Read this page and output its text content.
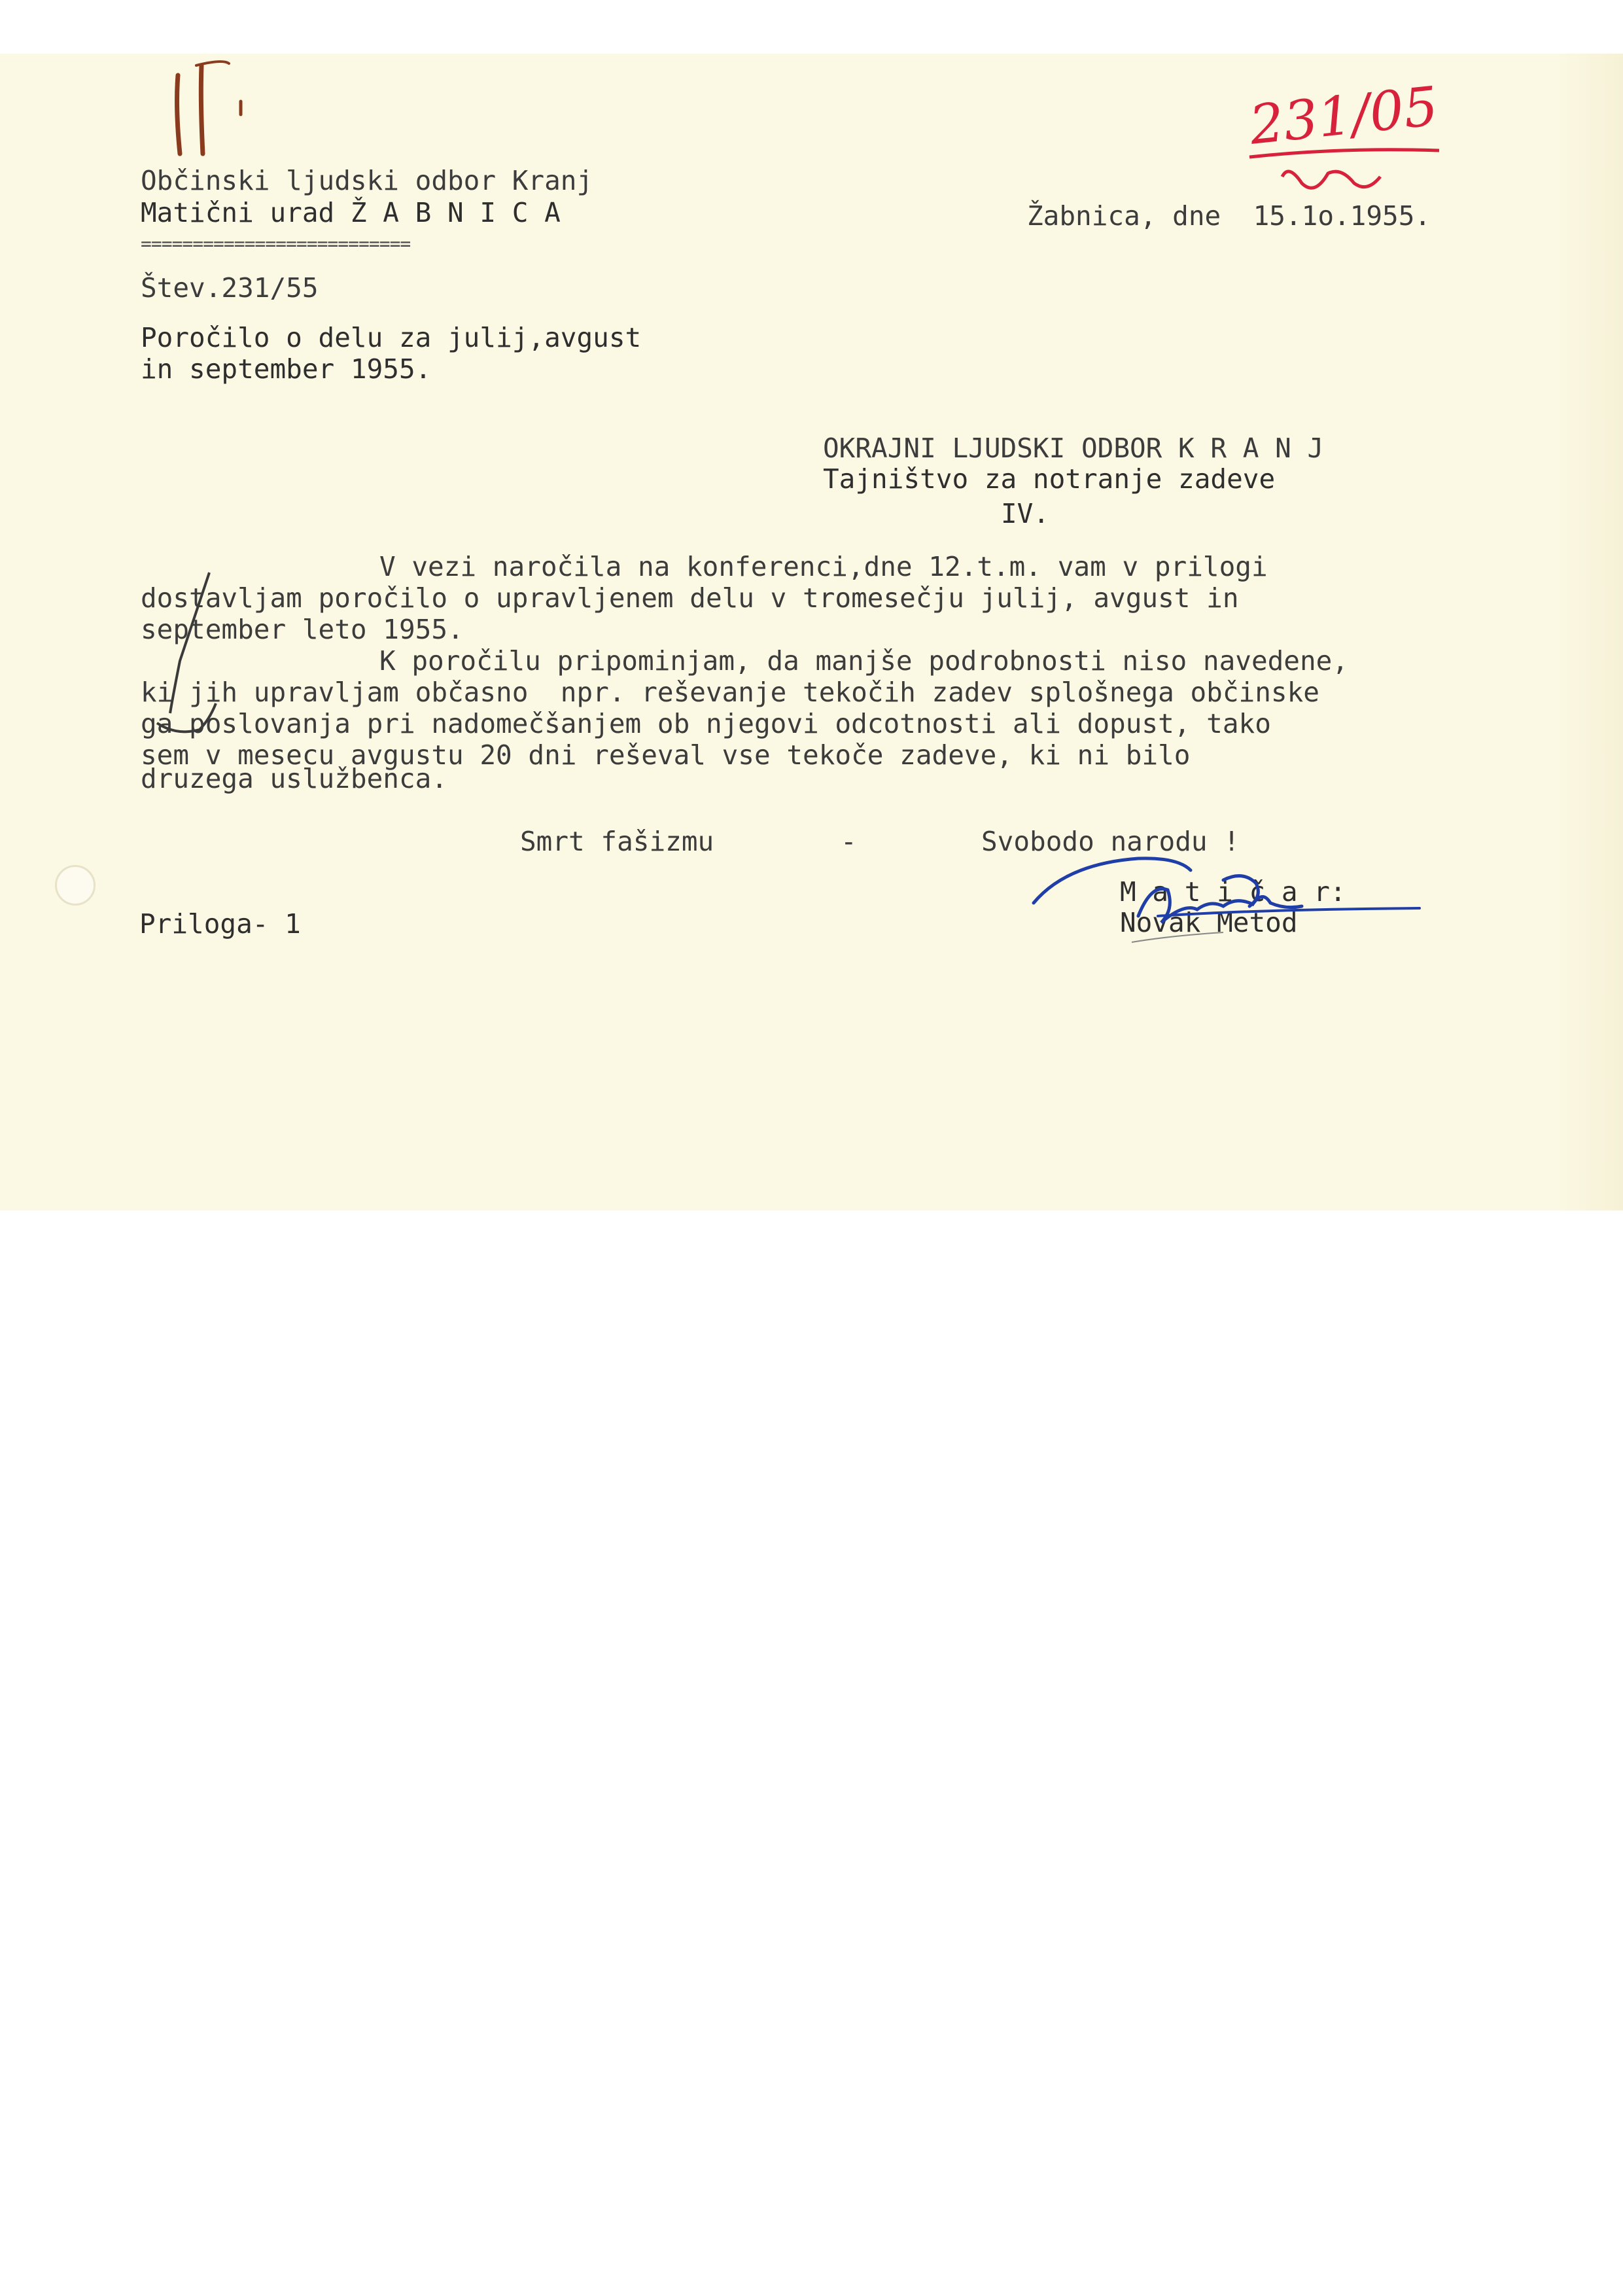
Občinski ljudski odbor Kranj
Matični urad Ž A B N I C A
==========================
Žabnica, dne  15.1o.1955.
231/05
Štev.231/55
Poročilo o delu za julij,avgust
in september 1955.
OKRAJNI LJUDSKI ODBOR K R A N J
Tajništvo za notranje zadeve
IV.
V vezi naročila na konferenci,dne 12.t.m. vam v prilogi
dostavljam poročilo o upravljenem delu v tromesečju julij, avgust in
september leto 1955.
K poročilu pripominjam, da manjše podrobnosti niso navedene,
ki jih upravljam občasno  npr. reševanje tekočih zadev splošnega občinske
ga poslovanja pri nadomečšanjem ob njegovi odcotnosti ali dopust, tako
sem v mesecu avgustu 20 dni reševal vse tekoče zadeve, ki ni bilo
druzega uslužbenca.
Smrt fašizmu	-	Svobodo narodu !
Priloga- 1
M a t i č a r:
Novak Metod
